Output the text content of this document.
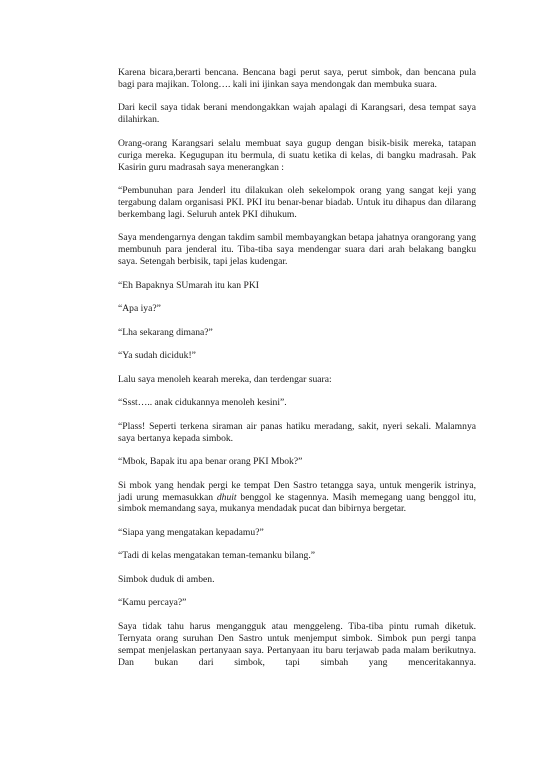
Karena bicara,berarti bencana. Bencana bagi perut saya, perut simbok, dan bencana pula bagi para majikan. Tolong…. kali ini ijinkan saya mendongak dan membuka suara.

Dari kecil saya tidak berani mendongakkan wajah apalagi di Karangsari, desa tempat saya dilahirkan.

Orang-orang Karangsari selalu membuat saya gugup dengan bisik-bisik mereka, tatapan curiga mereka. Kegugupan itu bermula, di suatu ketika di kelas, di bangku madrasah. Pak Kasirin guru madrasah saya menerangkan :

“Pembunuhan para Jenderl itu dilakukan oleh sekelompok orang yang sangat keji yang tergabung dalam organisasi PKI. PKI itu benar-benar biadab. Untuk itu dihapus dan dilarang berkembang lagi. Seluruh antek PKI dihukum.

Saya mendengarnya dengan takdim sambil membayangkan betapa jahatnya orangorang yang membunuh para jenderal itu. Tiba-tiba saya mendengar suara dari arah belakang bangku saya. Setengah berbisik, tapi jelas kudengar.

“Eh Bapaknya SUmarah itu kan PKI

“Apa iya?”

“Lha sekarang dimana?”

“Ya sudah diciduk!”

Lalu saya menoleh kearah mereka, dan terdengar suara:

“Ssst….. anak cidukannya menoleh kesini”.

“Plass! Seperti terkena siraman air panas hatiku meradang, sakit, nyeri sekali. Malamnya saya bertanya kepada simbok.

“Mbok, Bapak itu apa benar orang PKI Mbok?”

Si mbok yang hendak pergi ke tempat Den Sastro tetangga saya, untuk mengerik istrinya, jadi urung memasukkan dhuit benggol ke stagennya. Masih memegang uang benggol itu, simbok memandang saya, mukanya mendadak pucat dan bibirnya bergetar.

“Siapa yang mengatakan kepadamu?”

“Tadi di kelas mengatakan teman-temanku bilang.”

Simbok duduk di amben.

“Kamu percaya?”

Saya tidak tahu harus mengangguk atau menggeleng. Tiba-tiba pintu rumah diketuk. Ternyata orang suruhan Den Sastro untuk menjemput simbok. Simbok pun pergi tanpa sempat menjelaskan pertanyaan saya. Pertanyaan itu baru terjawab pada malam berikutnya. Dan bukan dari simbok, tapi simbah yang menceritakannya.
